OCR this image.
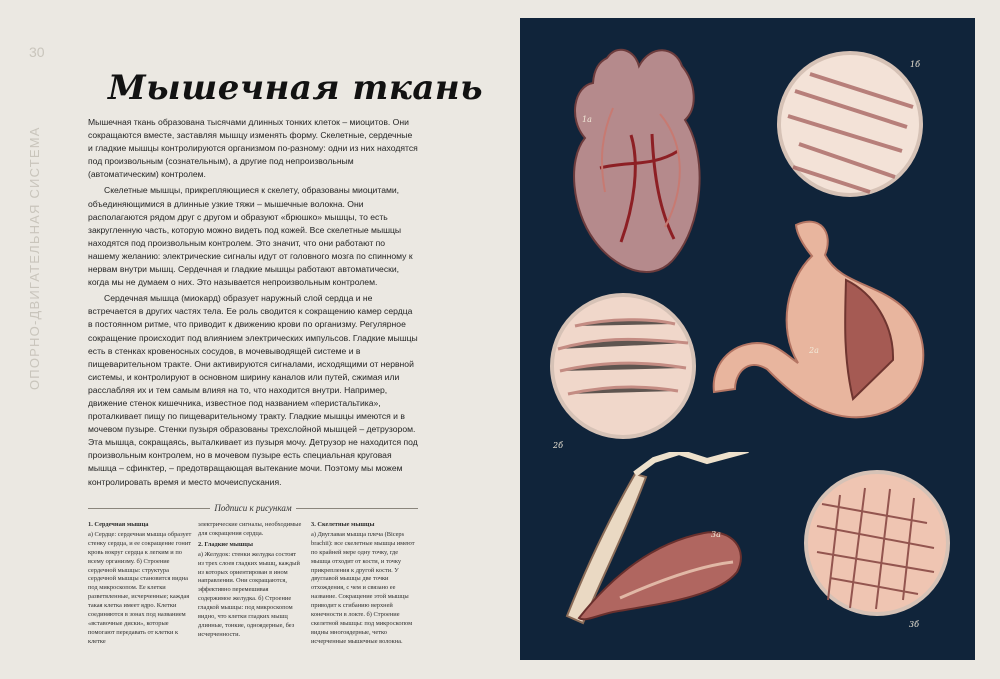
30
ОПОРНО-ДВИГАТЕЛЬНАЯ СИСТЕМА
Мышечная ткань

Мышечная ткань образована тысячами длинных тонких клеток – миоцитов. Они сокращаются вместе, заставляя мышцу изменять форму. Скелетные, сердечные и гладкие мышцы контролируются организмом по-разному: одни из них находятся под произвольным (сознательным), а другие под непроизвольным (автоматическим) контролем.

Скелетные мышцы, прикрепляющиеся к скелету, образованы миоцитами, объединяющимися в длинные узкие тяжи – мышечные волокна. Они располагаются рядом друг с другом и образуют «брюшко» мышцы, то есть закругленную часть, которую можно видеть под кожей. Все скелетные мышцы находятся под произвольным контролем. Это значит, что они работают по нашему желанию: электрические сигналы идут от головного мозга по спинному к нервам внутри мышц. Сердечная и гладкие мышцы работают автоматически, когда мы не думаем о них. Это называется непроизвольным контролем.

Сердечная мышца (миокард) образует наружный слой сердца и не встречается в других частях тела. Ее роль сводится к сокращению камер сердца в постоянном ритме, что приводит к движению крови по организму. Регулярное сокращение происходит под влиянием электрических импульсов. Гладкие мышцы есть в стенках кровеносных сосудов, в мочевыводящей системе и в пищеварительном тракте. Они активируются сигналами, исходящими от нервной системы, и контролируют в основном ширину каналов или путей, сжимая или расслабляя их и тем самым влияя на то, что находится внутри. Например, движение стенок кишечника, известное под названием «перистальтика», проталкивает пищу по пищеварительному тракту. Гладкие мышцы имеются и в мочевом пузыре. Стенки пузыря образованы трехслойной мышцей – детрузором. Эта мышца, сокращаясь, выталкивает из пузыря мочу. Детрузор не находится под произвольным контролем, но в мочевом пузыре есть специальная круговая мышца – сфинктер, – предотвращающая вытекание мочи. Поэтому мы можем контролировать время и место мочеиспускания.

Подписи к рисункам
1. Сердечная мышца

а) Сердце: сердечная мышца образует стенку сердца, и ее сокращение гонит кровь вокруг сердца к легким и по всему организму. б) Строение сердечной мышцы: структура сердечной мышцы становится видна под микроскопом. Ее клетки разветвленные, исчерченные; каждая такая клетка имеет ядро. Клетки соединяются в зонах под названием «вставочные диски», которые помогают передавать от клетки к клетке

электрические сигналы, необходимые для сокращения сердца.

2. Гладкие мышцы

а) Желудок: стенки желудка состоят из трех слоев гладких мышц, каждый из которых ориентирован в ином направлении. Они сокращаются, эффективно перемешивая содержимое желудка. б) Строение гладкой мышцы: под микроскопом видно, что клетки гладких мышц длинные, тонкие, одноядерные, без исчерченности.

3. Скелетные мышцы

а) Двуглавая мышца плеча (Biceps brachii): все скелетные мышцы имеют по крайней мере одну точку, где мышца отходит от кости, и точку прикрепления к другой кости. У двуглавой мышцы две точки отхождения, с чем и связано ее название. Сокращение этой мышцы приводит к сгибанию верхней конечности в локте. б) Строение скелетной мышцы: под микроскопом видны многоядерные, четко исчерченные мышечные волокна.

1а
1б
2а
2б
3а
3б
